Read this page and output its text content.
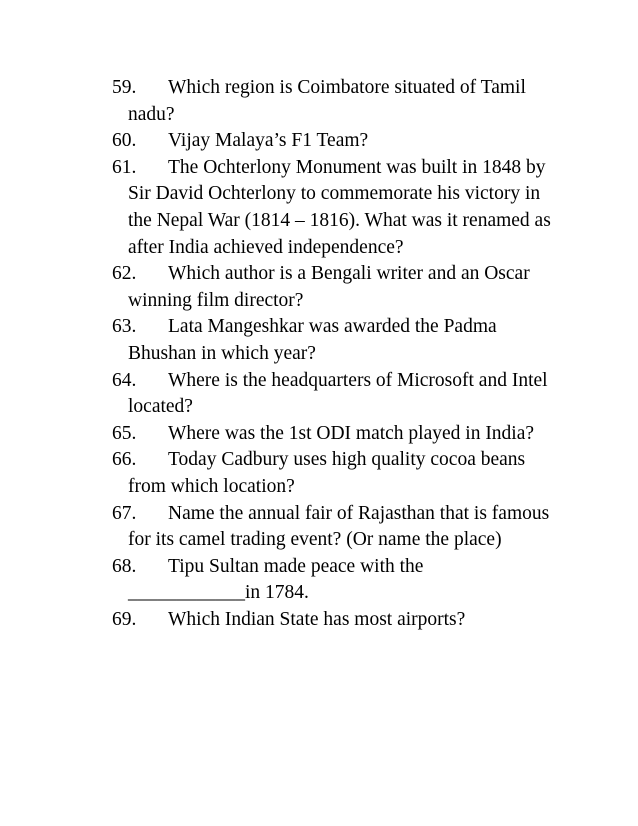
59. Which region is Coimbatore situated of Tamil nadu?
60. Vijay Malaya’s F1 Team?
61. The Ochterlony Monument was built in 1848 by Sir David Ochterlony to commemorate his victory in the Nepal War (1814 – 1816). What was it renamed as after India achieved independence?
62. Which author is a Bengali writer and an Oscar winning film director?
63. Lata Mangeshkar was awarded the Padma Bhushan in which year?
64. Where is the headquarters of Microsoft and Intel located?
65. Where was the 1st ODI match played in India?
66. Today Cadbury uses high quality cocoa beans from which location?
67. Name the annual fair of Rajasthan that is famous for its camel trading event? (Or name the place)
68. Tipu Sultan made peace with the ____________in 1784.
69. Which Indian State has most airports?
